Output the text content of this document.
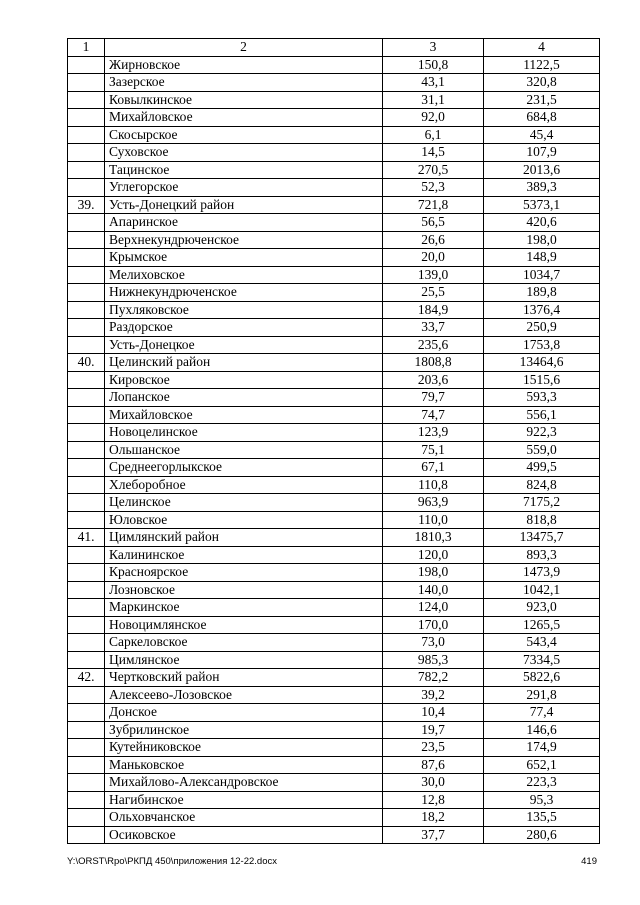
1	2	3	4
	Жирновское	150,8	1122,5
	Зазерское	43,1	320,8
	Ковылкинское	31,1	231,5
	Михайловское	92,0	684,8
	Скосырское	6,1	45,4
	Суховское	14,5	107,9
	Тацинское	270,5	2013,6
	Углегорское	52,3	389,3
39.	Усть-Донецкий район	721,8	5373,1
	Апаринское	56,5	420,6
	Верхнекундрюченское	26,6	198,0
	Крымское	20,0	148,9
	Мелиховское	139,0	1034,7
	Нижнекундрюченское	25,5	189,8
	Пухляковское	184,9	1376,4
	Раздорское	33,7	250,9
	Усть-Донецкое	235,6	1753,8
40.	Целинский район	1808,8	13464,6
	Кировское	203,6	1515,6
	Лопанское	79,7	593,3
	Михайловское	74,7	556,1
	Новоцелинское	123,9	922,3
	Ольшанское	75,1	559,0
	Среднеегорлыкское	67,1	499,5
	Хлеборобное	110,8	824,8
	Целинское	963,9	7175,2
	Юловское	110,0	818,8
41.	Цимлянский район	1810,3	13475,7
	Калининское	120,0	893,3
	Красноярское	198,0	1473,9
	Лозновское	140,0	1042,1
	Маркинское	124,0	923,0
	Новоцимлянское	170,0	1265,5
	Саркеловское	73,0	543,4
	Цимлянское	985,3	7334,5
42.	Чертковский район	782,2	5822,6
	Алексеево-Лозовское	39,2	291,8
	Донское	10,4	77,4
	Зубрилинское	19,7	146,6
	Кутейниковское	23,5	174,9
	Маньковское	87,6	652,1
	Михайлово-Александровское	30,0	223,3
	Нагибинское	12,8	95,3
	Ольховчанское	18,2	135,5
	Осиковское	37,7	280,6
Y:\ORST\Rpo\РКПД 450\приложения 12-22.docx	419
